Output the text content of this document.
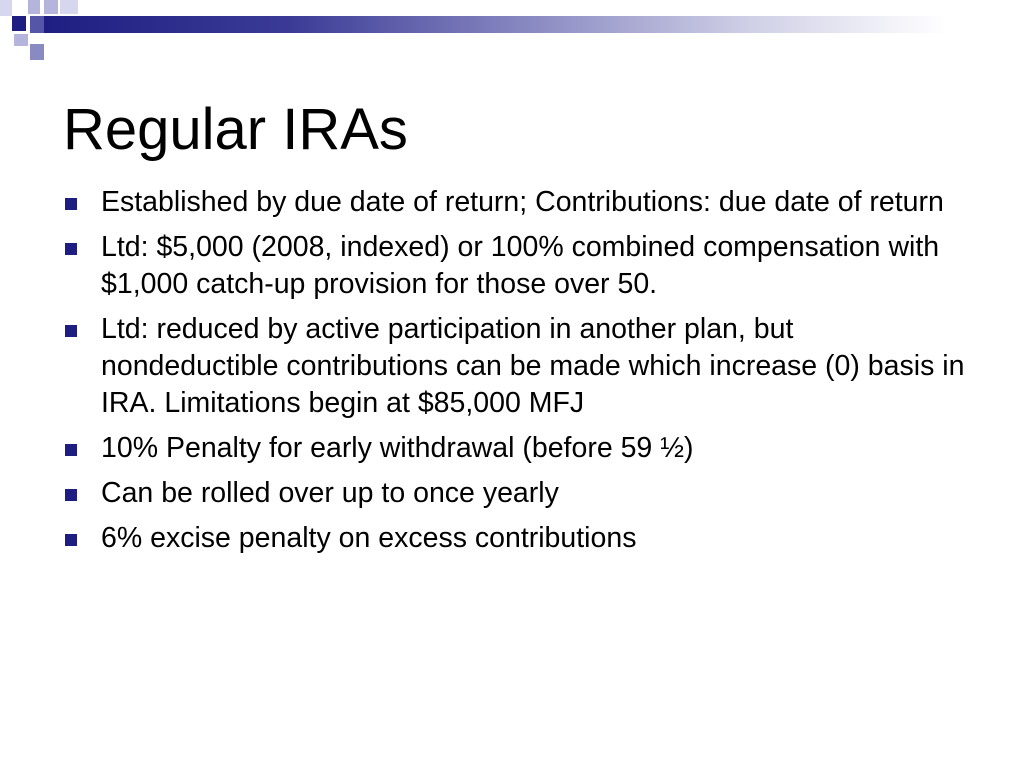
Regular IRAs
Established by due date of return; Contributions: due date of return
Ltd: $5,000 (2008, indexed) or 100% combined compensation with $1,000 catch-up provision for those over 50.
Ltd: reduced by active participation in another plan, but nondeductible contributions can be made which increase (0) basis in IRA. Limitations begin at $85,000 MFJ
10% Penalty for early withdrawal (before 59 ½)
Can be rolled over up to once yearly
6% excise penalty on excess contributions
